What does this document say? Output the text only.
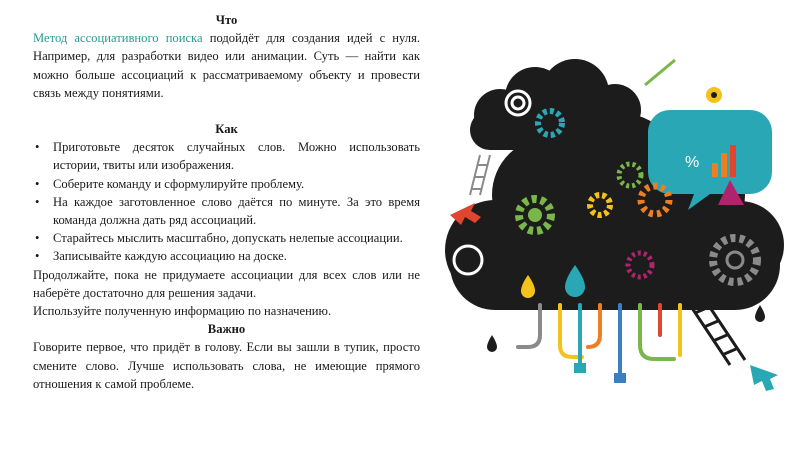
Что

Метод ассоциативного поиска подойдёт для создания идей с нуля. Например, для разработки видео или анимации. Суть — найти как можно больше ассоциаций к рассматриваемому объекту и провести связь между понятиями.

Как

• Приготовьте десяток случайных слов. Можно использовать истории, твиты или изображения.
• Соберите команду и сформулируйте проблему.
• На каждое заготовленное слово даётся по минуте. За это время команда должна дать ряд ассоциаций.
• Старайтесь мыслить масштабно, допускать нелепые ассоциации.
• Записывайте каждую ассоциацию на доске.

Продолжайте, пока не придумаете ассоциации для всех слов или не наберёте достаточно для решения задачи.

Используйте полученную информацию по назначению.

Важно

Говорите первое, что придёт в голову. Если вы зашли в тупик, просто смените слово. Лучше использовать слова, не имеющие прямого отношения к самой проблеме.

%
